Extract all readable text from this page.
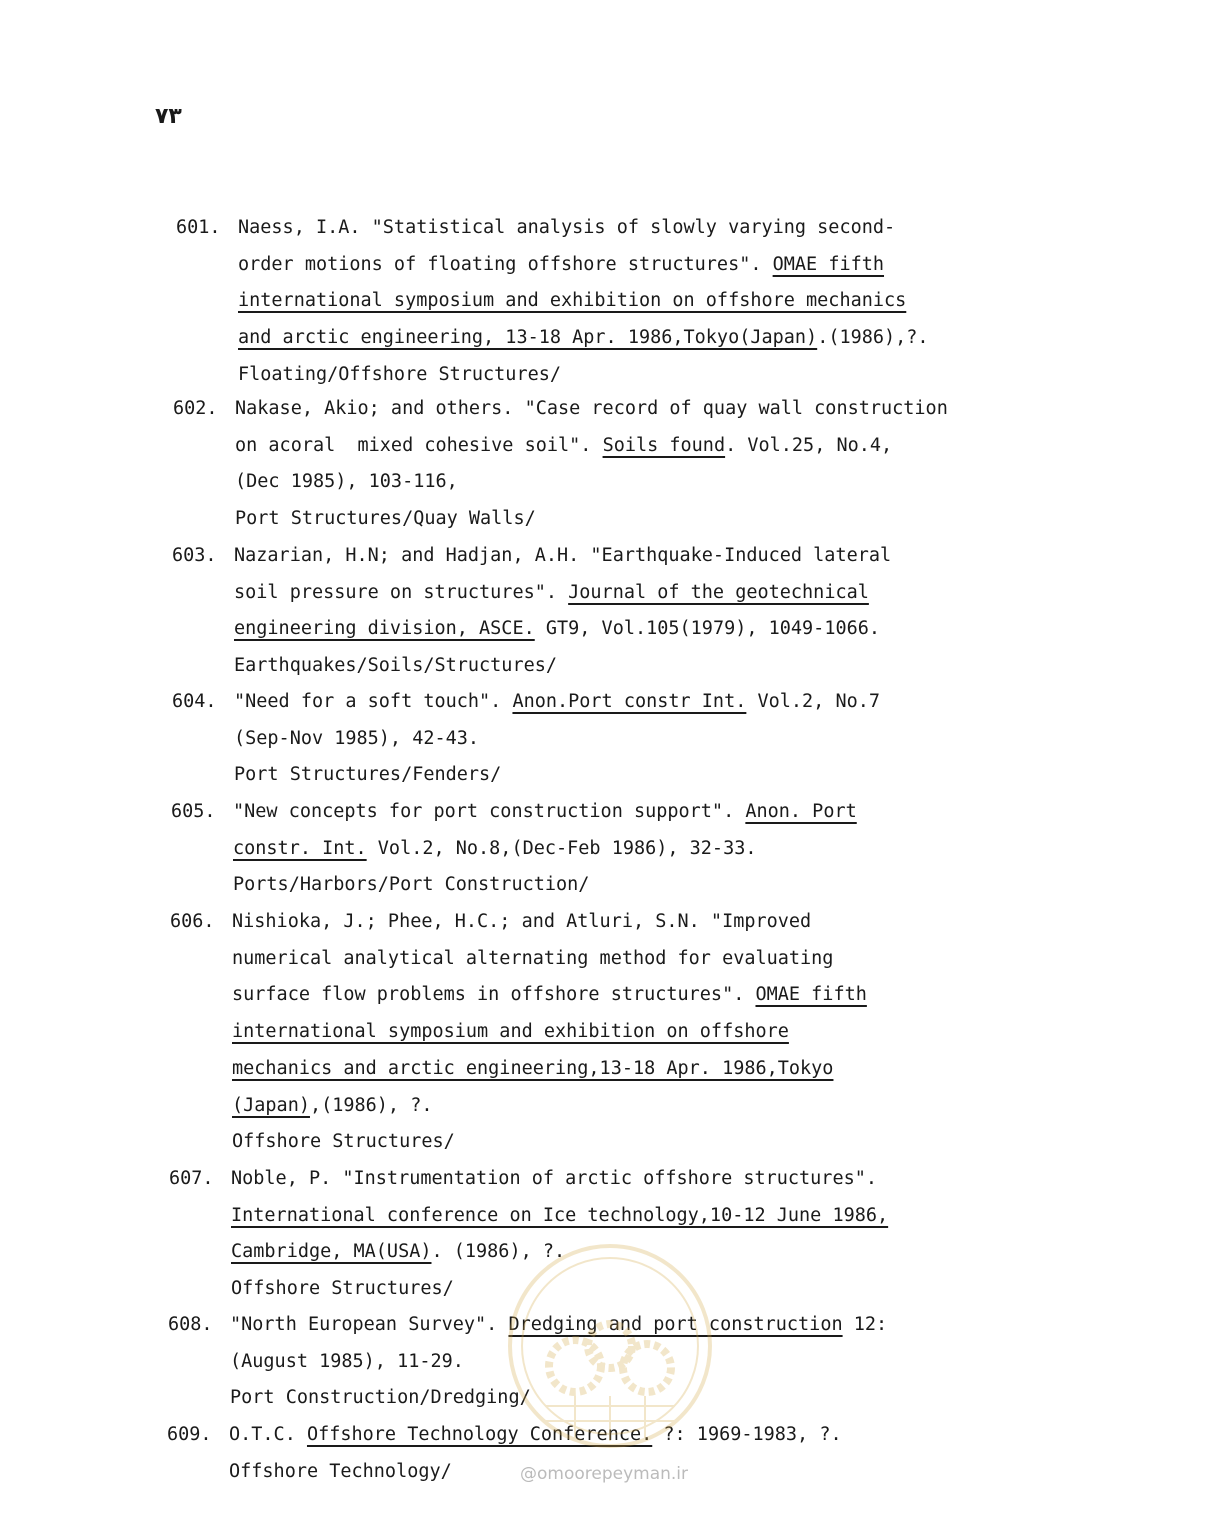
۷۳
601. Naess, I.A. "Statistical analysis of slowly varying second-
order motions of floating offshore structures". OMAE fifth
international symposium and exhibition on offshore mechanics
and arctic engineering, 13-18 Apr. 1986,Tokyo(Japan).(1986),?.
Floating/Offshore Structures/
602. Nakase, Akio; and others. "Case record of quay wall construction
on acoral  mixed cohesive soil". Soils found. Vol.25, No.4,
(Dec 1985), 103-116,
Port Structures/Quay Walls/
603. Nazarian, H.N; and Hadjan, A.H. "Earthquake-Induced lateral
soil pressure on structures". Journal of the geotechnical
engineering division, ASCE. GT9, Vol.105(1979), 1049-1066.
Earthquakes/Soils/Structures/
604. "Need for a soft touch". Anon.Port constr Int. Vol.2, No.7
(Sep-Nov 1985), 42-43.
Port Structures/Fenders/
605. "New concepts for port construction support". Anon. Port
constr. Int. Vol.2, No.8,(Dec-Feb 1986), 32-33.
Ports/Harbors/Port Construction/
606. Nishioka, J.; Phee, H.C.; and Atluri, S.N. "Improved
numerical analytical alternating method for evaluating
surface flow problems in offshore structures". OMAE fifth
international symposium and exhibition on offshore
mechanics and arctic engineering,13-18 Apr. 1986,Tokyo
(Japan),(1986), ?.
Offshore Structures/
607. Noble, P. "Instrumentation of arctic offshore structures".
International conference on Ice technology,10-12 June 1986,
Cambridge, MA(USA). (1986), ?.
Offshore Structures/
608. "North European Survey". Dredging and port construction 12:
(August 1985), 11-29.
Port Construction/Dredging/
609. O.T.C. Offshore Technology Conference. ?: 1969-1983, ?.
Offshore Technology/	@omoorepeyman.ir
